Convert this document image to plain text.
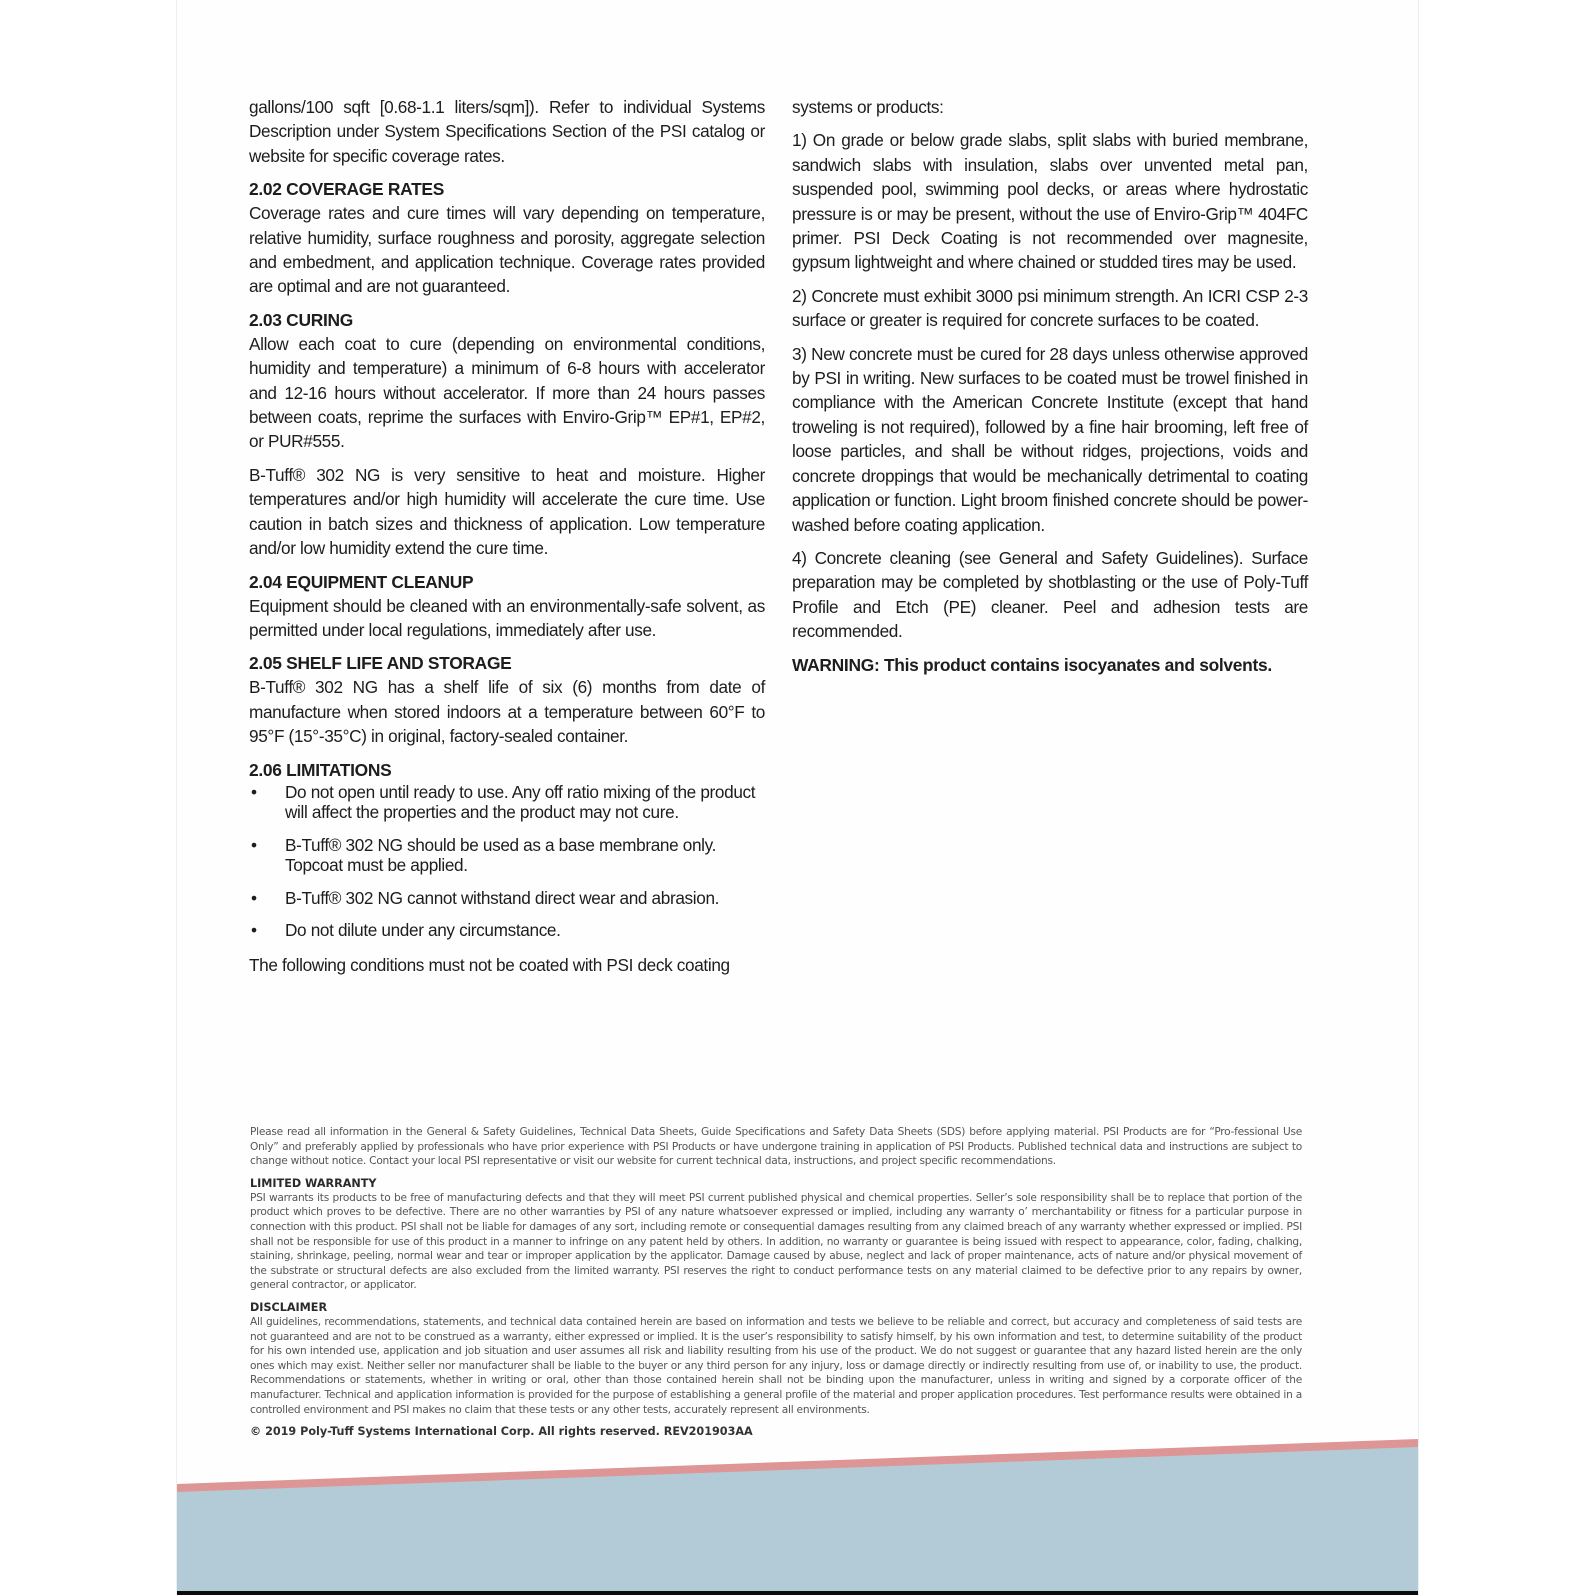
gallons/100 sqft [0.68-1.1 liters/sqm]). Refer to individual Systems Description under System Specifications Section of the PSI catalog or website for specific coverage rates.

2.02 COVERAGE RATES

Coverage rates and cure times will vary depending on temperature, relative humidity, surface roughness and porosity, aggregate selection and embedment, and application technique. Coverage rates provided are optimal and are not guaranteed.

2.03 CURING

Allow each coat to cure (depending on environmental conditions, humidity and temperature) a minimum of 6-8 hours with accelerator and 12-16 hours without accelerator. If more than 24 hours passes between coats, reprime the surfaces with Enviro-Grip™ EP#1, EP#2, or PUR#555.

B-Tuff® 302 NG is very sensitive to heat and moisture. Higher temperatures and/or high humidity will accelerate the cure time. Use caution in batch sizes and thickness of application. Low temperature and/or low humidity extend the cure time.

2.04 EQUIPMENT CLEANUP

Equipment should be cleaned with an environmentally-safe solvent, as permitted under local regulations, immediately after use.

2.05 SHELF LIFE AND STORAGE

B-Tuff® 302 NG has a shelf life of six (6) months from date of manufacture when stored indoors at a temperature between 60°F to 95°F (15°-35°C) in original, factory-sealed container.

2.06 LIMITATIONS
• Do not open until ready to use. Any off ratio mixing of the product will affect the properties and the product may not cure.
• B-Tuff® 302 NG should be used as a base membrane only. Topcoat must be applied.
• B-Tuff® 302 NG cannot withstand direct wear and abrasion.
• Do not dilute under any circumstance.

The following conditions must not be coated with PSI deck coating

systems or products:

1) On grade or below grade slabs, split slabs with buried membrane, sandwich slabs with insulation, slabs over unvented metal pan, suspended pool, swimming pool decks, or areas where hydrostatic pressure is or may be present, without the use of Enviro-Grip™ 404FC primer. PSI Deck Coating is not recommended over magnesite, gypsum lightweight and where chained or studded tires may be used.

2) Concrete must exhibit 3000 psi minimum strength. An ICRI CSP 2-3 surface or greater is required for concrete surfaces to be coated.

3) New concrete must be cured for 28 days unless otherwise approved by PSI in writing. New surfaces to be coated must be trowel finished in compliance with the American Concrete Institute (except that hand troweling is not required), followed by a fine hair brooming, left free of loose particles, and shall be without ridges, projections, voids and concrete droppings that would be mechanically detrimental to coating application or function. Light broom finished concrete should be power-washed before coating application.

4) Concrete cleaning (see General and Safety Guidelines). Surface preparation may be completed by shotblasting or the use of Poly-Tuff Profile and Etch (PE) cleaner. Peel and adhesion tests are recommended.

WARNING: This product contains isocyanates and solvents.

Please read all information in the General & Safety Guidelines, Technical Data Sheets, Guide Specifications and Safety Data Sheets (SDS) before applying material. PSI Products are for “Pro-fessional Use Only” and preferably applied by professionals who have prior experience with PSI Products or have undergone training in application of PSI Products. Published technical data and instructions are subject to change without notice. Contact your local PSI representative or visit our website for current technical data, instructions, and project specific recommendations.

LIMITED WARRANTY

PSI warrants its products to be free of manufacturing defects and that they will meet PSI current published physical and chemical properties. Seller’s sole responsibility shall be to replace that portion of the product which proves to be defective. There are no other warranties by PSI of any nature whatsoever expressed or implied, including any warranty o’ merchantability or fitness for a particular purpose in connection with this product. PSI shall not be liable for damages of any sort, including remote or consequential damages resulting from any claimed breach of any warranty whether expressed or implied. PSI shall not be responsible for use of this product in a manner to infringe on any patent held by others. In addition, no warranty or guarantee is being issued with respect to appearance, color, fading, chalking, staining, shrinkage, peeling, normal wear and tear or improper application by the applicator. Damage caused by abuse, neglect and lack of proper maintenance, acts of nature and/or physical movement of the substrate or structural defects are also excluded from the limited warranty. PSI reserves the right to conduct performance tests on any material claimed to be defective prior to any repairs by owner, general contractor, or applicator.

DISCLAIMER

All guidelines, recommendations, statements, and technical data contained herein are based on information and tests we believe to be reliable and correct, but accuracy and completeness of said tests are not guaranteed and are not to be construed as a warranty, either expressed or implied. It is the user’s responsibility to satisfy himself, by his own information and test, to determine suitability of the product for his own intended use, application and job situation and user assumes all risk and liability resulting from his use of the product. We do not suggest or guarantee that any hazard listed herein are the only ones which may exist. Neither seller nor manufacturer shall be liable to the buyer or any third person for any injury, loss or damage directly or indirectly resulting from use of, or inability to use, the product. Recommendations or statements, whether in writing or oral, other than those contained herein shall not be binding upon the manufacturer, unless in writing and signed by a corporate officer of the manufacturer. Technical and application information is provided for the purpose of establishing a general profile of the material and proper application procedures. Test performance results were obtained in a controlled environment and PSI makes no claim that these tests or any other tests, accurately represent all environments.

© 2019 Poly-Tuff Systems International Corp. All rights reserved. REV201903AA
